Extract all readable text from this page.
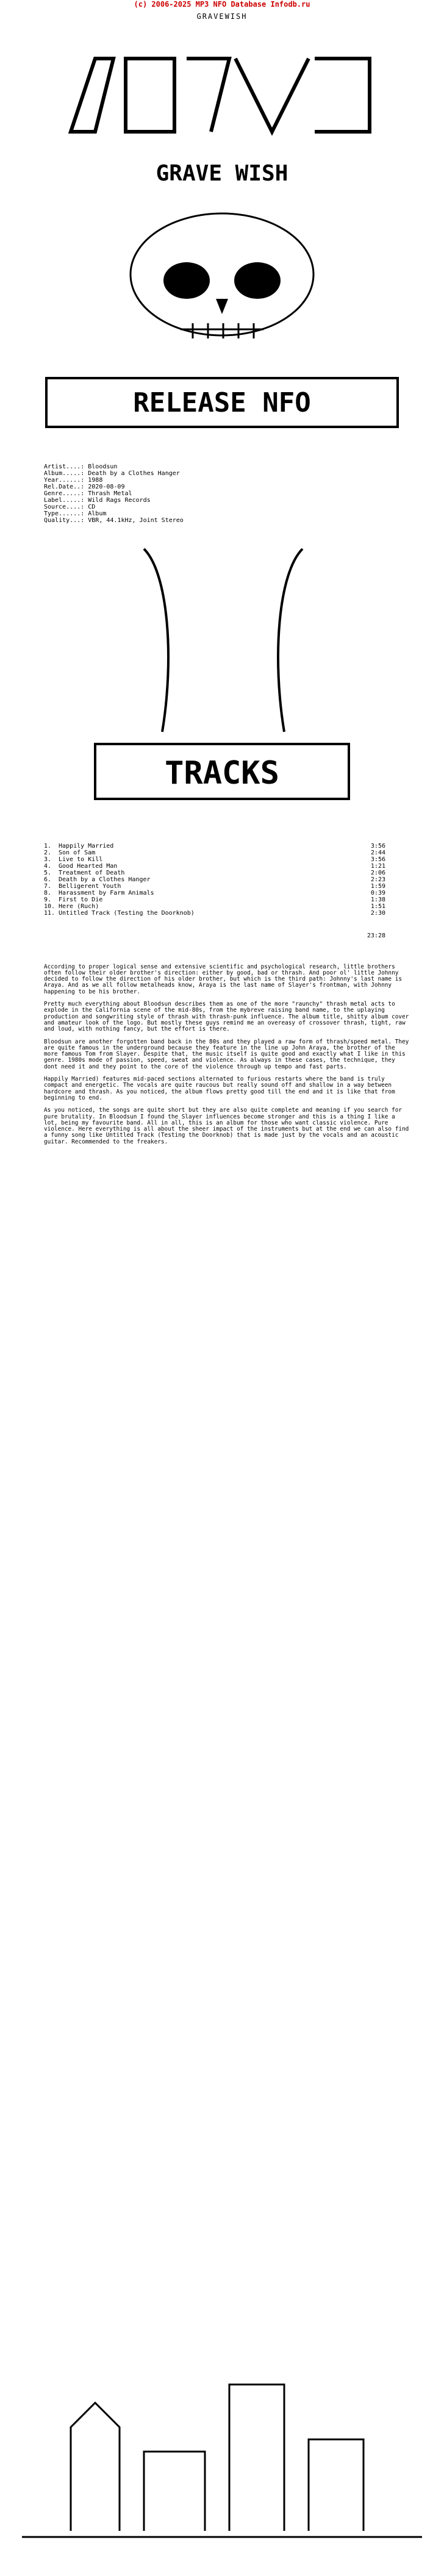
(c) 2006-2025 MP3 NFO Database Infodb.ru
GRAVEWISH
GRAVE WISH
RELEASE NFO

Artist....: Bloodsun
Album.....: Death by a Clothes Hanger
Year......: 1988
Rel.Date..: 2020-08-09
Genre.....: Thrash Metal
Label.....: Wild Rags Records
Source....: CD
Type......: Album
Quality...: VBR, 44.1kHz, Joint Stereo

TRACKS

1.	Happily Married	3:56
2.	Son of Sam	2:44
3.	Live to Kill	3:56
4.	Good Hearted Man	1:21
5.	Treatment of Death	2:06
6.	Death by a Clothes Hanger	2:23
7.	Belligerent Youth	1:59
8.	Harassment by Farm Animals	0:39
9.	First to Die	1:38
10. Here (Ruch)	1:51
11. Untitled Track (Testing the Doorknob)	2:30

23:28

According to proper logical sense and extensive scientific and psychological research, little brothers often follow their older brother's direction: either by good, bad or thrash. And poor ol' little Johnny decided to follow the direction of his older brother, but which is the third path: Johnny's last name is Araya. And as we all follow metalheads know, Araya is the last name of Slayer's frontman, with Johnny happening to be his brother.

Pretty much everything about Bloodsun describes them as one of the more "raunchy" thrash metal acts to explode in the California scene of the mid-80s, from the mybreve raising band name, to the uplaying production and songwriting style of thrash with thrash-punk influence. The album title, shitty album cover and amateur look of the logo. But mostly these guys remind me an overeasy of crossover thrash, tight, raw and loud, with nothing fancy, but the effort is there.

Bloodsun are another forgotten band back in the 80s and they played a raw form of thrash/speed metal. They are quite famous in the underground because they feature in the line up John Araya, the brother of the more famous Tom from Slayer. Despite that, the music itself is quite good and exactly what I like in this genre. 1980s mode of passion, speed, sweat and violence. As always in these cases, the technique, they dont need it and they point to the core of the violence through up tempo and fast parts.

Happily Married) features mid-paced sections alternated to furious restarts where the band is truly compact and energetic. The vocals are quite raucous but really sound off and shallow in a way between hardcore and thrash. As you noticed, the album flows pretty good till the end and it is like that from beginning to end.

As you noticed, the songs are quite short but they are also quite complete and meaning if you search for pure brutality. In Bloodsun I found the Slayer influences become stronger and this is a thing I like a lot, being my favourite band. All in all, this is an album for those who want classic violence. Pure violence. Here everything is all about the sheer impact of the instruments but at the end we can also find a funny song like Untitled Track (Testing the Doorknob) that is made just by the vocals and an acoustic guitar. Recommended to the freakers.
